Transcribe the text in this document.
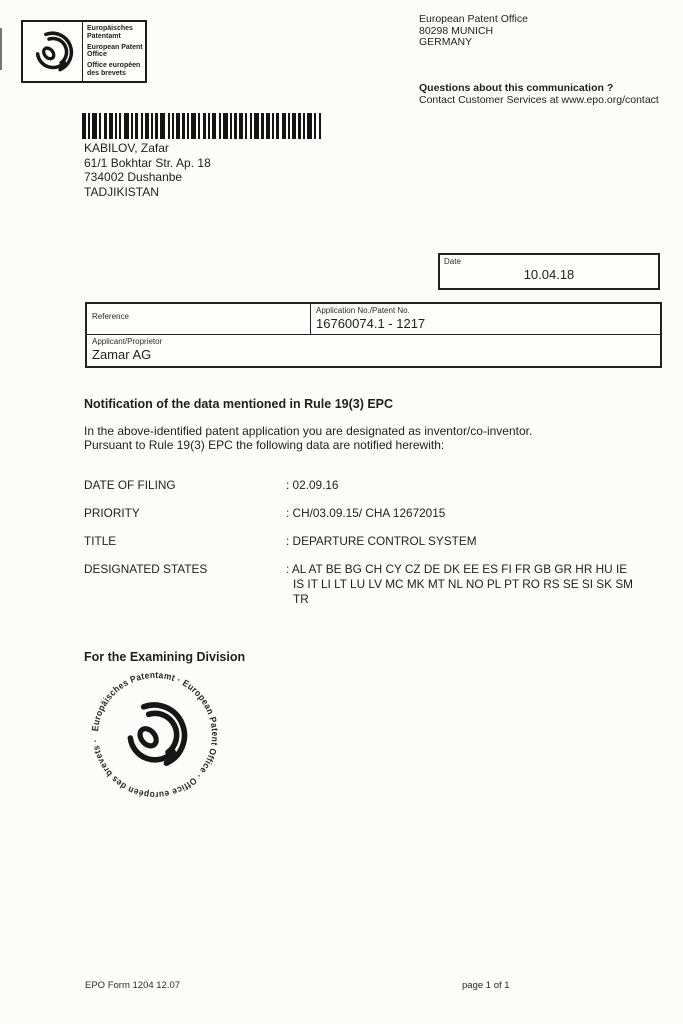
Europäisches Patentamt
European Patent Office
Office européen des brevets
European Patent Office
80298 MUNICH
GERMANY
Questions about this communication ?
Contact Customer Services at www.epo.org/contact
KABILOV, Zafar
61/1 Bokhtar Str. Ap. 18
734002 Dushanbe
TADJIKISTAN
Date
10.04.18
Reference
Application No./Patent No.
16760074.1 - 1217
Applicant/Proprietor
Zamar AG
Notification of the data mentioned in Rule 19(3) EPC
In the above-identified patent application you are designated as inventor/co-inventor.
Pursuant to Rule 19(3) EPC the following data are notified herewith:
DATE OF FILING	: 02.09.16
PRIORITY	: CH/03.09.15/ CHA 12672015
TITLE	: DEPARTURE CONTROL SYSTEM
DESIGNATED STATES	: AL AT BE BG CH CY CZ DE DK EE ES FI FR GB GR HR HU IE
IS IT LI LT LU LV MC MK MT NL NO PL PT RO RS SE SI SK SM
TR
For the Examining Division
Europäisches Patentamt · European Patent Office · Office européen des brevets ·
EPO Form 1204 12.07	page 1 of 1
